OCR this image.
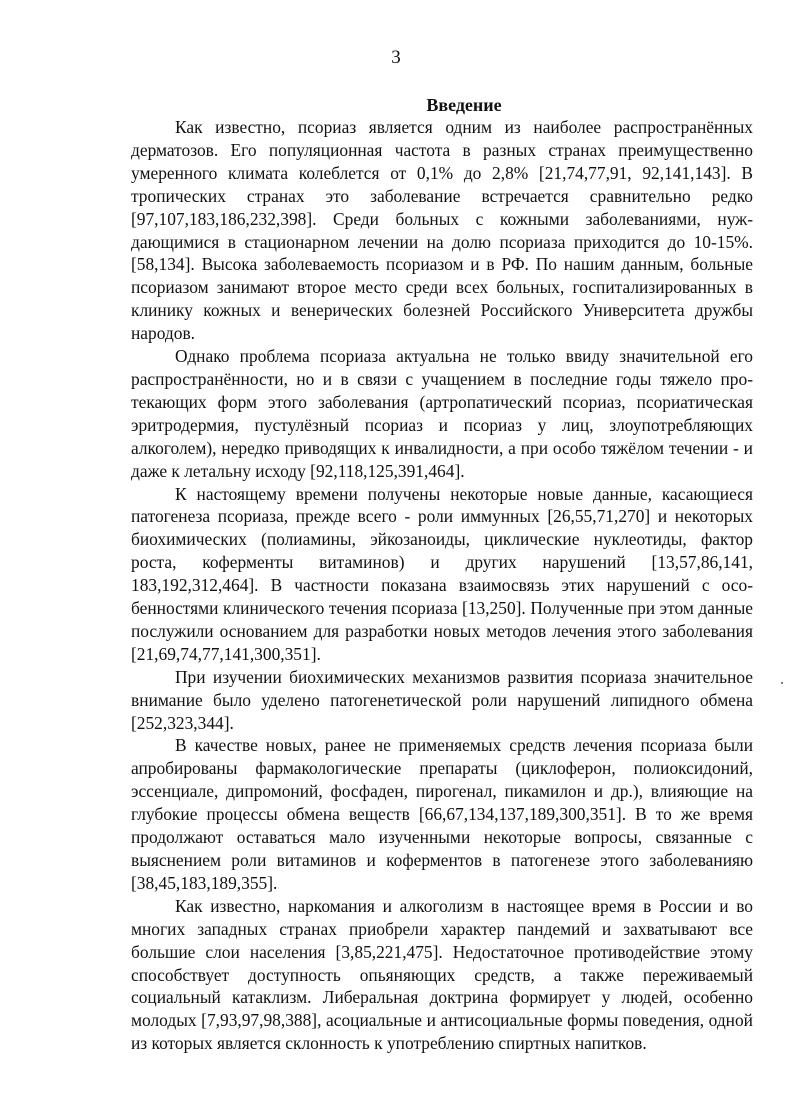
3
Введение

Как известно, псориаз является одним из наиболее распространённых дерматозов. Его популяционная частота в разных странах преимущественно умеренного климата колеблется от 0,1% до 2,8% [21,74,77,91, 92,141,143]. В тропических странах это заболевание встречается сравнительно редко [97,107,183,186,232,398]. Среди больных с кожными заболеваниями, нуждающимися в стационарном лечении на долю псориаза приходится до 10-15%. [58,134]. Высока заболеваемость псориазом и в РФ. По нашим данным, больные псориазом занимают второе место среди всех больных, госпитализированных в клинику кожных и венерических болезней Российского Университета дружбы народов.

Однако проблема псориаза актуальна не только ввиду значительной его распространённости, но и в связи с учащением в последние годы тяжело протекающих форм этого заболевания (артропатический псориаз, псориатическая эритродермия, пустулёзный псориаз и псориаз у лиц, злоупотребляющих алкоголем), нередко приводящих к инвалидности, а при особо тяжёлом течении - и даже к летальну исходу [92,118,125,391,464].

К настоящему времени получены некоторые новые данные, касающиеся патогенеза псориаза, прежде всего - роли иммунных [26,55,71,270] и некоторых биохимических (полиамины, эйкозаноиды, циклические нуклеотиды, фактор роста, коферменты витаминов) и других нарушений [13,57,86,141, 183,192,312,464]. В частности показана взаимосвязь этих нарушений с особенностями клинического течения псориаза [13,250]. Полученные при этом данные послужили основанием для разработки новых методов лечения этого заболевания [21,69,74,77,141,300,351].

При изучении биохимических механизмов развития псориаза значительное внимание было уделено патогенетической роли нарушений липидного обмена [252,323,344].

В качестве новых, ранее не применяемых средств лечения псориаза были апробированы фармакологические препараты (циклоферон, полиоксидоний, эссенциале, дипромоний, фосфаден, пирогенал, пикамилон и др.), влияющие на глубокие процессы обмена веществ [66,67,134,137,189,300,351]. В то же время продолжают оставаться мало изученными некоторые вопросы, связанные с выяснением роли витаминов и коферментов в патогенезе этого заболеванияю [38,45,183,189,355].

Как известно, наркомания и алкоголизм в настоящее время в России и во многих западных странах приобрели характер пандемий и захватывают все большие слои населения [3,85,221,475]. Недостаточное противодействие этому способствует доступность опьяняющих средств, а также переживаемый социальный катаклизм. Либеральная доктрина формирует у людей, особенно молодых [7,93,97,98,388], асоциальные и антисоциальные формы поведения, одной из которых является склонность к употреблению спиртных напитков.
